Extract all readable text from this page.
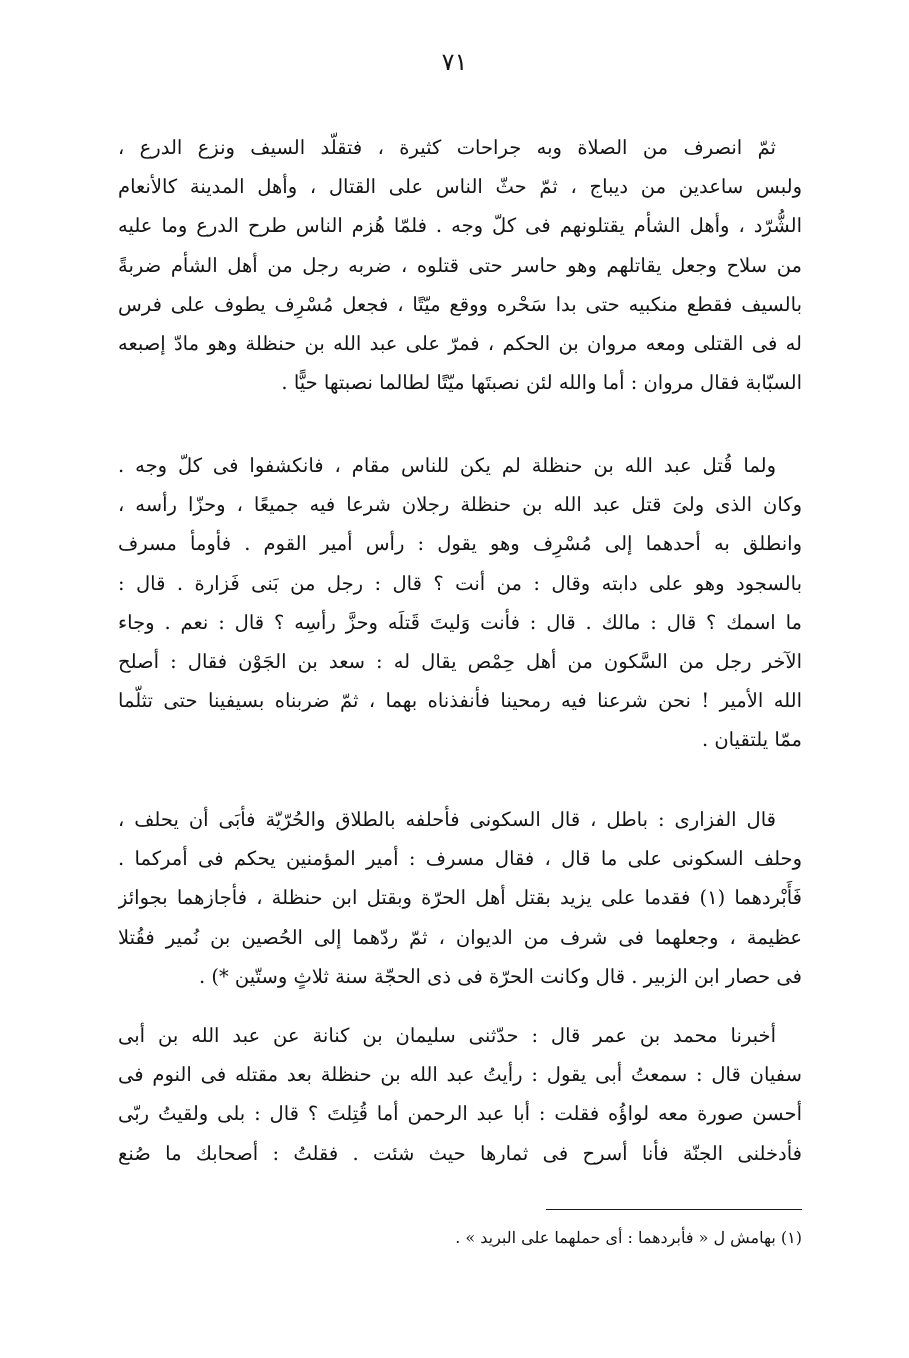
٧١
ثمّ انصرف من الصلاة وبه جراحات كثيرة ، فتقلّد السيف ونزع الدرع ،
ولبس ساعدين من ديباج ، ثمّ حثّ الناس على القتال ، وأهل المدينة كالأنعام
الشُّرّد ، وأهل الشأم يقتلونهم فى كلّ وجه . فلمّا هُزم الناس طرح الدرع وما عليه
من سلاح وجعل يقاتلهم وهو حاسر حتى قتلوه ، ضربه رجل من أهل الشأم ضربةً
بالسيف فقطع منكبيه حتى بدا سَحْره ووقع ميّتًا ، فجعل مُسْرِف يطوف على فرس
له فى القتلى ومعه مروان بن الحكم ، فمرّ على عبد الله بن حنظلة وهو مادّ إصبعه
السبّابة فقال مروان : أما والله لئن نصبتَها ميّتًا لطالما نصبتها حيًّا .
ولما قُتل عبد الله بن حنظلة لم يكن للناس مقام ، فانكشفوا فى كلّ وجه .
وكان الذى ولىَ قتل عبد الله بن حنظلة رجلان شرعا فيه جميعًا ، وحزّا رأسه ،
وانطلق به أحدهما إلى مُسْرِف وهو يقول : رأس أمير القوم . فأومأ مسرف
بالسجود وهو على دابته وقال : من أنت ؟ قال : رجل من بَنى فَزارة . قال :
ما اسمك ؟ قال : مالك . قال : فأنت وَليتَ قَتلَه وحزَّ رأسِه ؟ قال : نعم . وجاء
الآخر رجل من السَّكون من أهل حِمْص يقال له : سعد بن الجَوْن فقال : أصلح
الله الأمير ! نحن شرعنا فيه رمحينا فأنفذناه بهما ، ثمّ ضربناه بسيفينا حتى تثلّما
ممّا يلتقيان .
قال الفزارى : باطل ، قال السكونى فأحلفه بالطلاق والحُرّيّة فأبَى أن يحلف ،
وحلف السكونى على ما قال ، فقال مسرف : أمير المؤمنين يحكم فى أمركما .
فَأَبْردهما (١) فقدما على يزيد بقتل أهل الحرّة وبقتل ابن حنظلة ، فأجازهما بجوائز
عظيمة ، وجعلهما فى شرف من الديوان ، ثمّ ردّهما إلى الحُصين بن نُمير فقُتلا
فى حصار ابن الزبير . قال وكانت الحرّة فى ذى الحجّة سنة ثلاثٍ وستّين *) .
أخبرنا محمد بن عمر قال : حدّثنى سليمان بن كنانة عن عبد الله بن أبى
سفيان قال : سمعتُ أبى يقول : رأيتُ عبد الله بن حنظلة بعد مقتله فى النوم فى
أحسن صورة معه لواؤُه فقلت : أبا عبد الرحمن أما قُتِلتَ ؟ قال : بلى ولقيتُ ربّى
فأدخلنى الجنّة فأنا أسرح فى ثمارها حيث شئت . فقلتُ : أصحابك ما صُنع
(١) بهامش ل « فأبردهما : أى حملهما على البريد » .
